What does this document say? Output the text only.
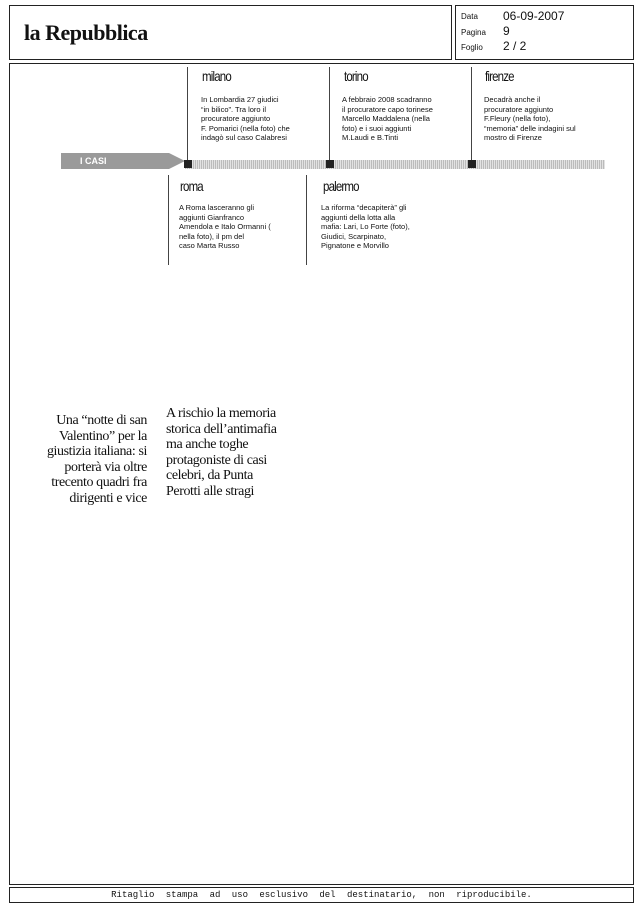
la Repubblica
Data 06-09-2007
Pagina 9
Foglio 2 / 2
I CASI
milano
In Lombardia 27 giudici
“in bilico”. Tra loro il
procuratore aggiunto
F. Pomarici (nella foto) che
indagò sul caso Calabresi
torino
A febbraio 2008 scadranno
il procuratore capo torinese
Marcello Maddalena (nella
foto) e i suoi aggiunti
M.Laudi e B.Tinti
firenze
Decadrà anche il
procuratore aggiunto
F.Fleury (nella foto),
“memoria” delle indagini sul
mostro di Firenze
roma
A Roma lasceranno gli
aggiunti Gianfranco
Amendola e Italo Ormanni (
nella foto), il pm del
caso Marta Russo
palermo
La riforma “decapiterà” gli
aggiunti della lotta alla
mafia: Lari, Lo Forte (foto),
Giudici, Scarpinato,
Pignatone e Morvillo
Una “notte di san
Valentino” per la
giustizia italiana: si
porterà via oltre
trecento quadri fra
dirigenti e vice
A rischio la memoria
storica dell’antimafia
ma anche toghe
protagoniste di casi
celebri, da Punta
Perotti alle stragi
Ritaglio stampa ad uso esclusivo del destinatario, non riproducibile.
